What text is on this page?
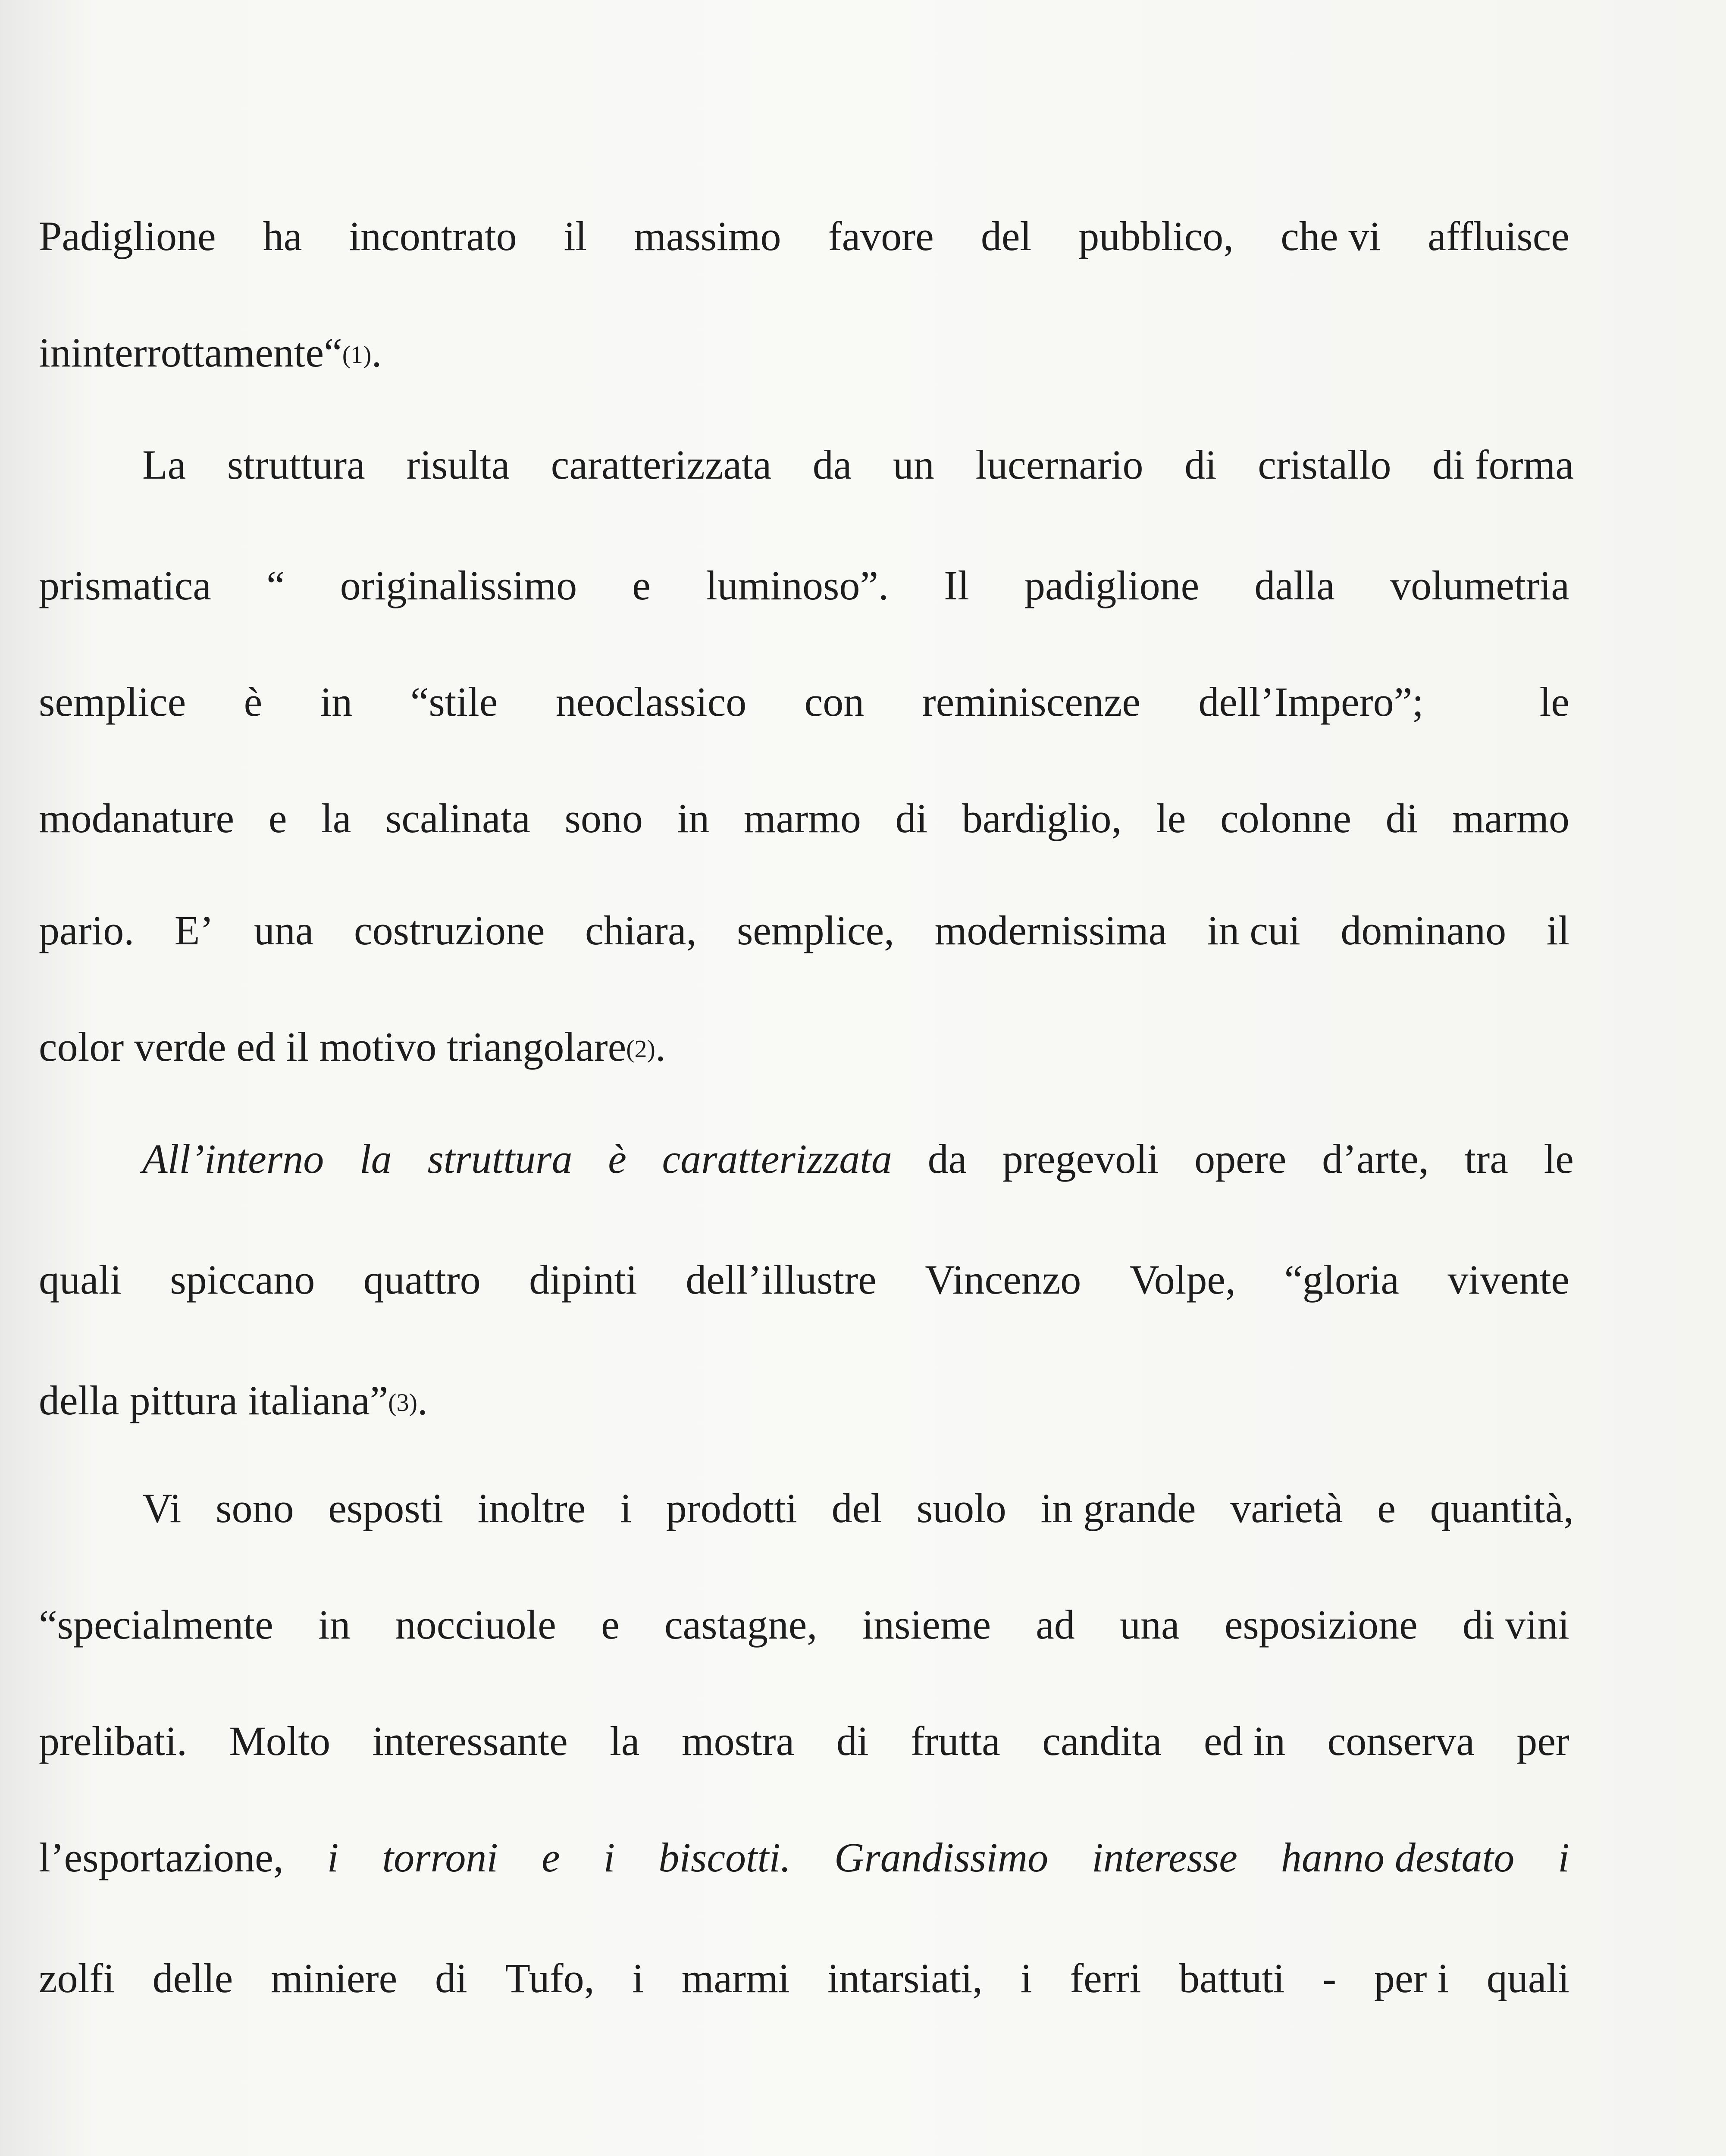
Padiglione ha incontrato il massimo favore del pubblico, che vi affluisce
ininterrottamente“$^{(1)}$ .
La struttura risulta caratterizzata da un lucernario di cristallo di forma
prismatica “ originalissimo e luminoso”. Il padiglione dalla volumetria
semplice è in “stile neoclassico con reminiscenze dell’Impero”;	le
modanature e la scalinata sono in marmo di bardiglio, le colonne di marmo
pario. E’ una costruzione chiara, semplice, modernissima in cui dominano il
color verde ed il motivo triangolare$^{(2)}$ .
All’interno la struttura è caratterizzata da pregevoli opere d’arte, tra le
quali spiccano quattro dipinti dell’illustre Vincenzo Volpe, “gloria vivente
della pittura italiana”$^{(3)}$ .
Vi sono esposti inoltre i prodotti del suolo in grande varietà e quantità,
“specialmente in nocciuole e castagne, insieme ad una esposizione di vini
prelibati. Molto interessante la mostra di frutta candita ed in conserva per
l’esportazione, i torroni e i biscotti. Grandissimo interesse hanno destato i
zolfi delle miniere di Tufo, i marmi intarsiati, i ferri battuti - per i quali
